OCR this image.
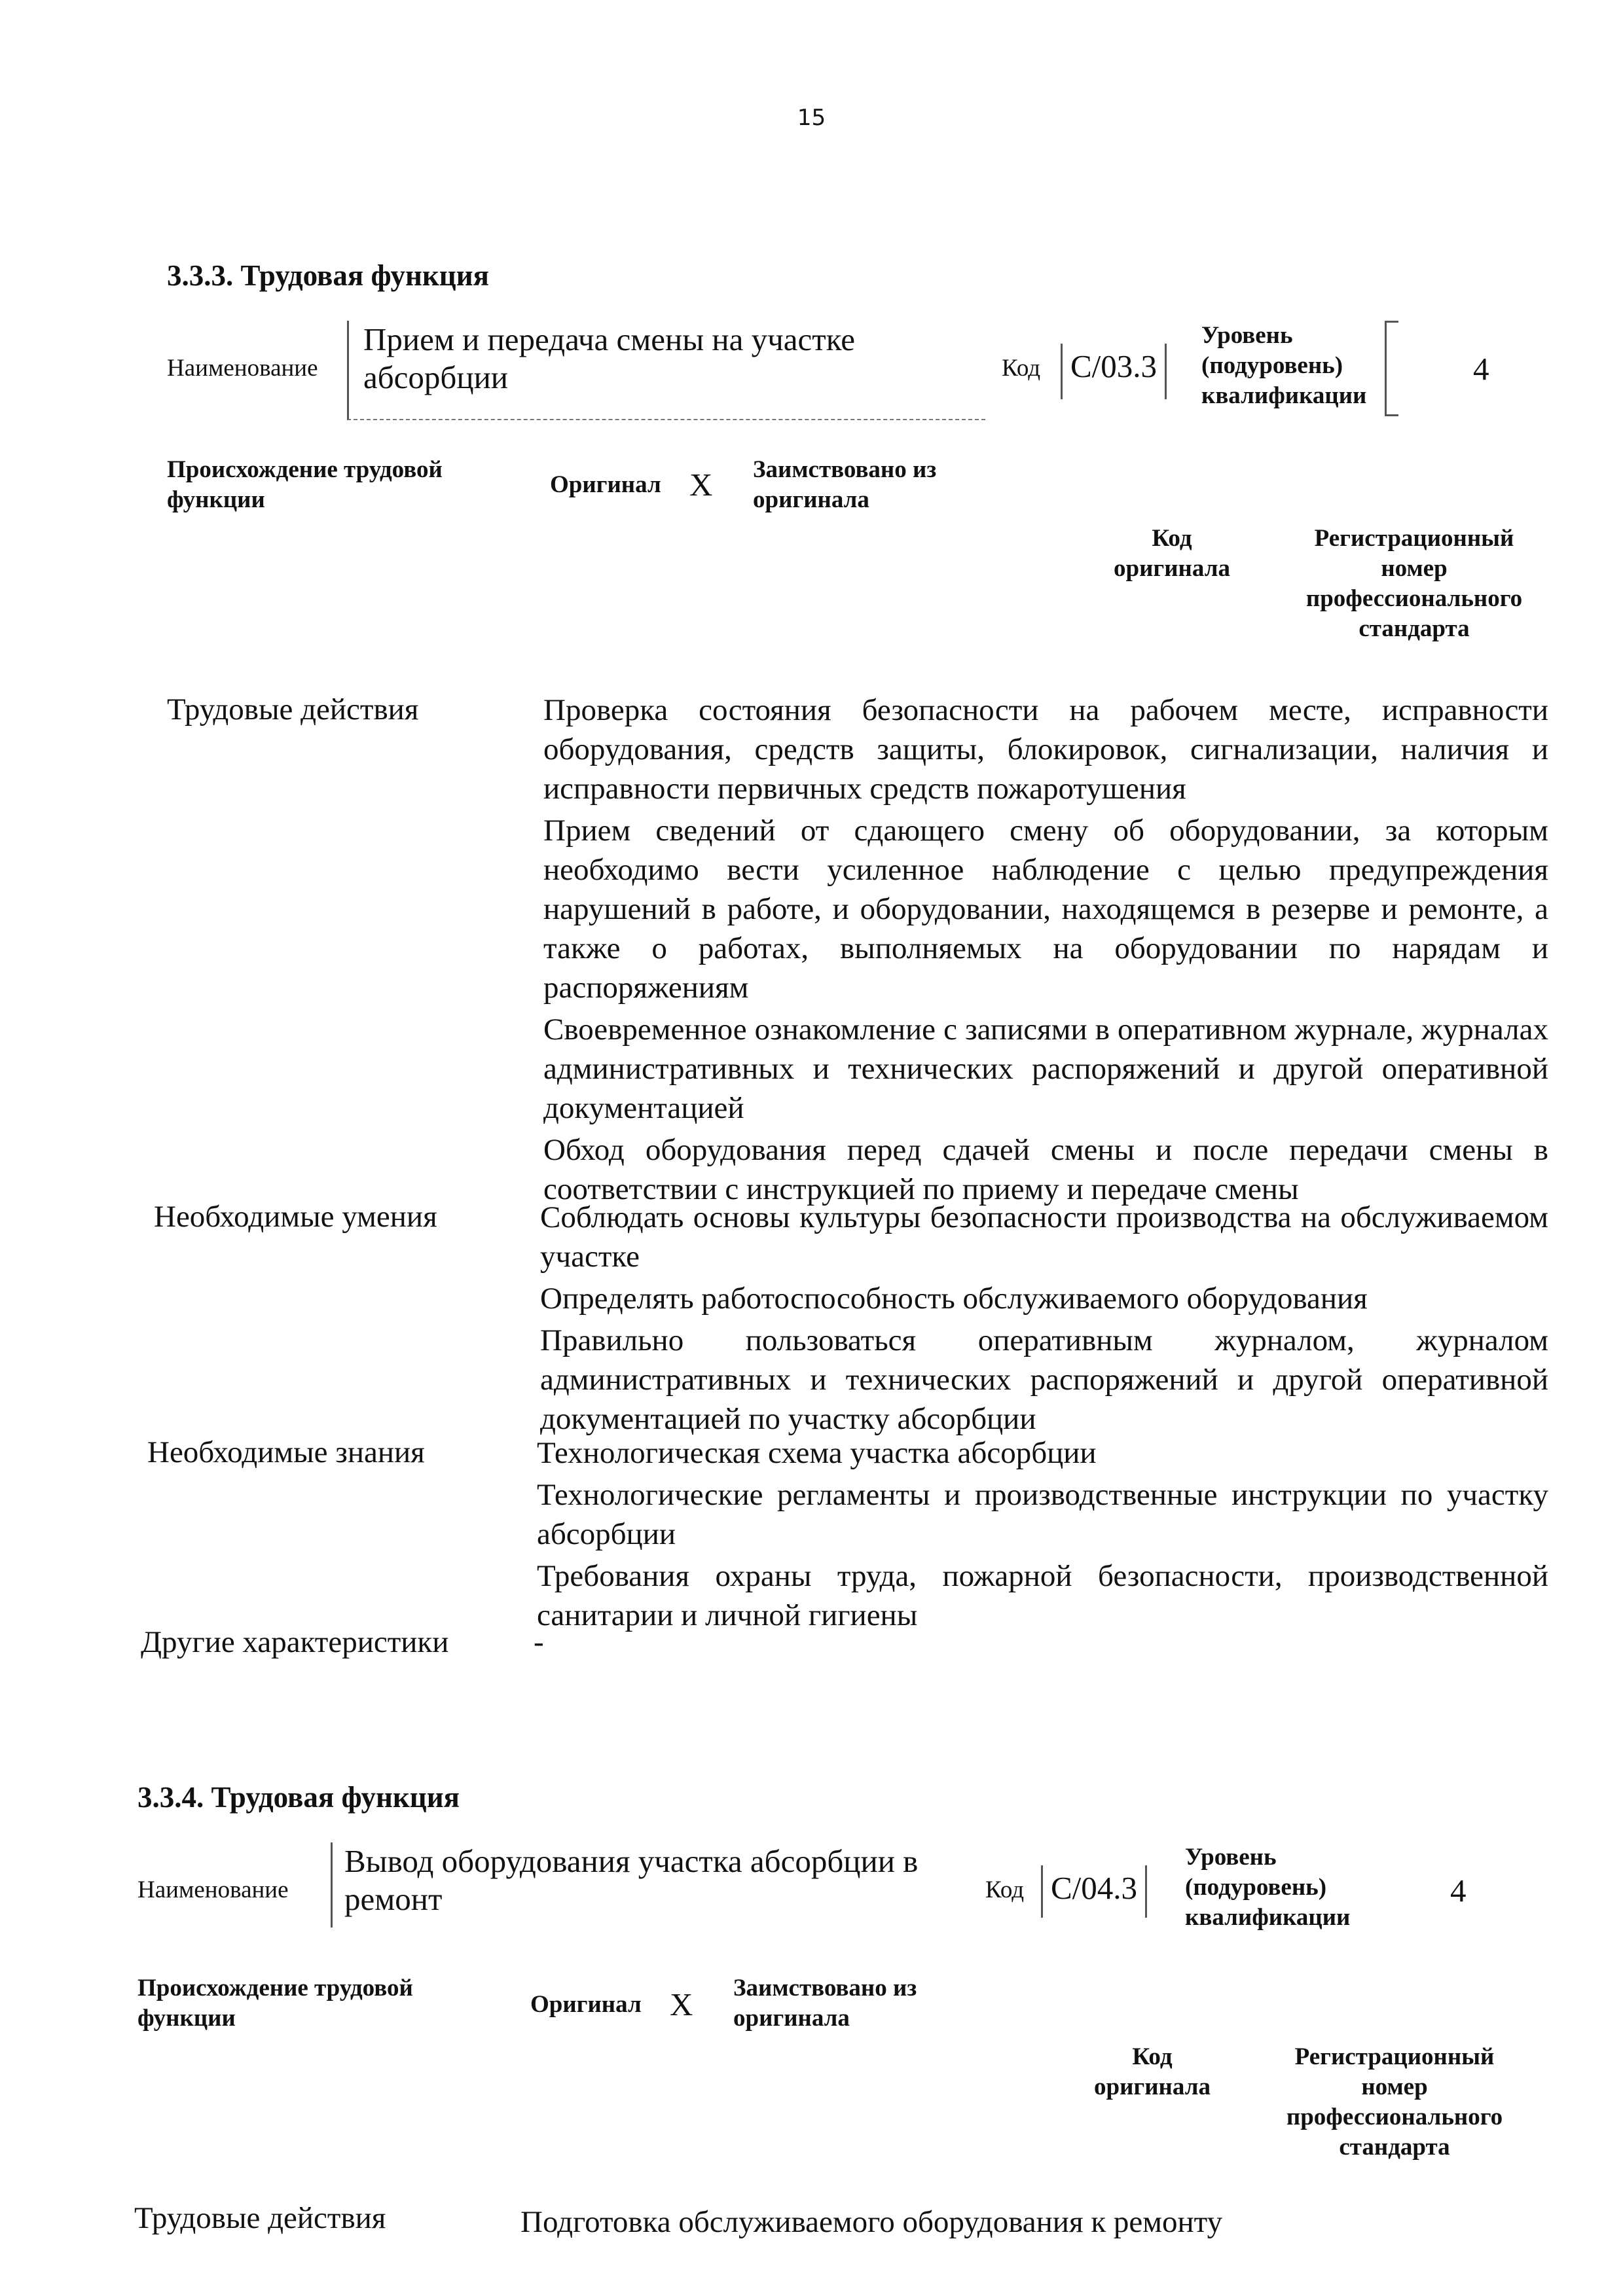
15
3.3.3. Трудовая функция
Наименование
Прием и передача смены на участке
абсорбции	Код C/03.3
Уровень
(подуровень)
квалификации
4
Происхождение трудовой
функции
Оригинал X Заимствовано из
оригинала
Код
оригинала
Регистрационный
номер
профессионального
стандарта
Трудовые действия	Проверка состояния безопасности на рабочем месте, исправности оборудования, средств защиты, блокировок, сигнализации, наличия и исправности первичных средств пожаротушения
Прием сведений от сдающего смену об оборудовании, за которым необходимо вести усиленное наблюдение с целью предупреждения нарушений в работе, и оборудовании, находящемся в резерве и ремонте, а также о работах, выполняемых на оборудовании по нарядам и распоряжениям
Своевременное ознакомление с записями в оперативном журнале, журналах административных и технических распоряжений и другой оперативной документацией
Обход оборудования перед сдачей смены и после передачи смены в соответствии с инструкцией по приему и передаче смены
Необходимые умения	Соблюдать основы культуры безопасности производства на обслуживаемом участке
Определять работоспособность обслуживаемого оборудования
Правильно пользоваться оперативным журналом, журналом административных и технических распоряжений и другой оперативной документацией по участку абсорбции
Необходимые знания	Технологическая схема участка абсорбции
Технологические регламенты и производственные инструкции по участку абсорбции
Требования охраны труда, пожарной безопасности, производственной санитарии и личной гигиены
Другие характеристики	-
3.3.4. Трудовая функция
Наименование
Вывод оборудования участка абсорбции в
ремонт	Код C/04.3
Уровень
(подуровень)
квалификации
4
Происхождение трудовой
функции
Оригинал X Заимствовано из
оригинала
Код
оригинала
Регистрационный
номер
профессионального
стандарта
Трудовые действия	Подготовка обслуживаемого оборудования к ремонту
